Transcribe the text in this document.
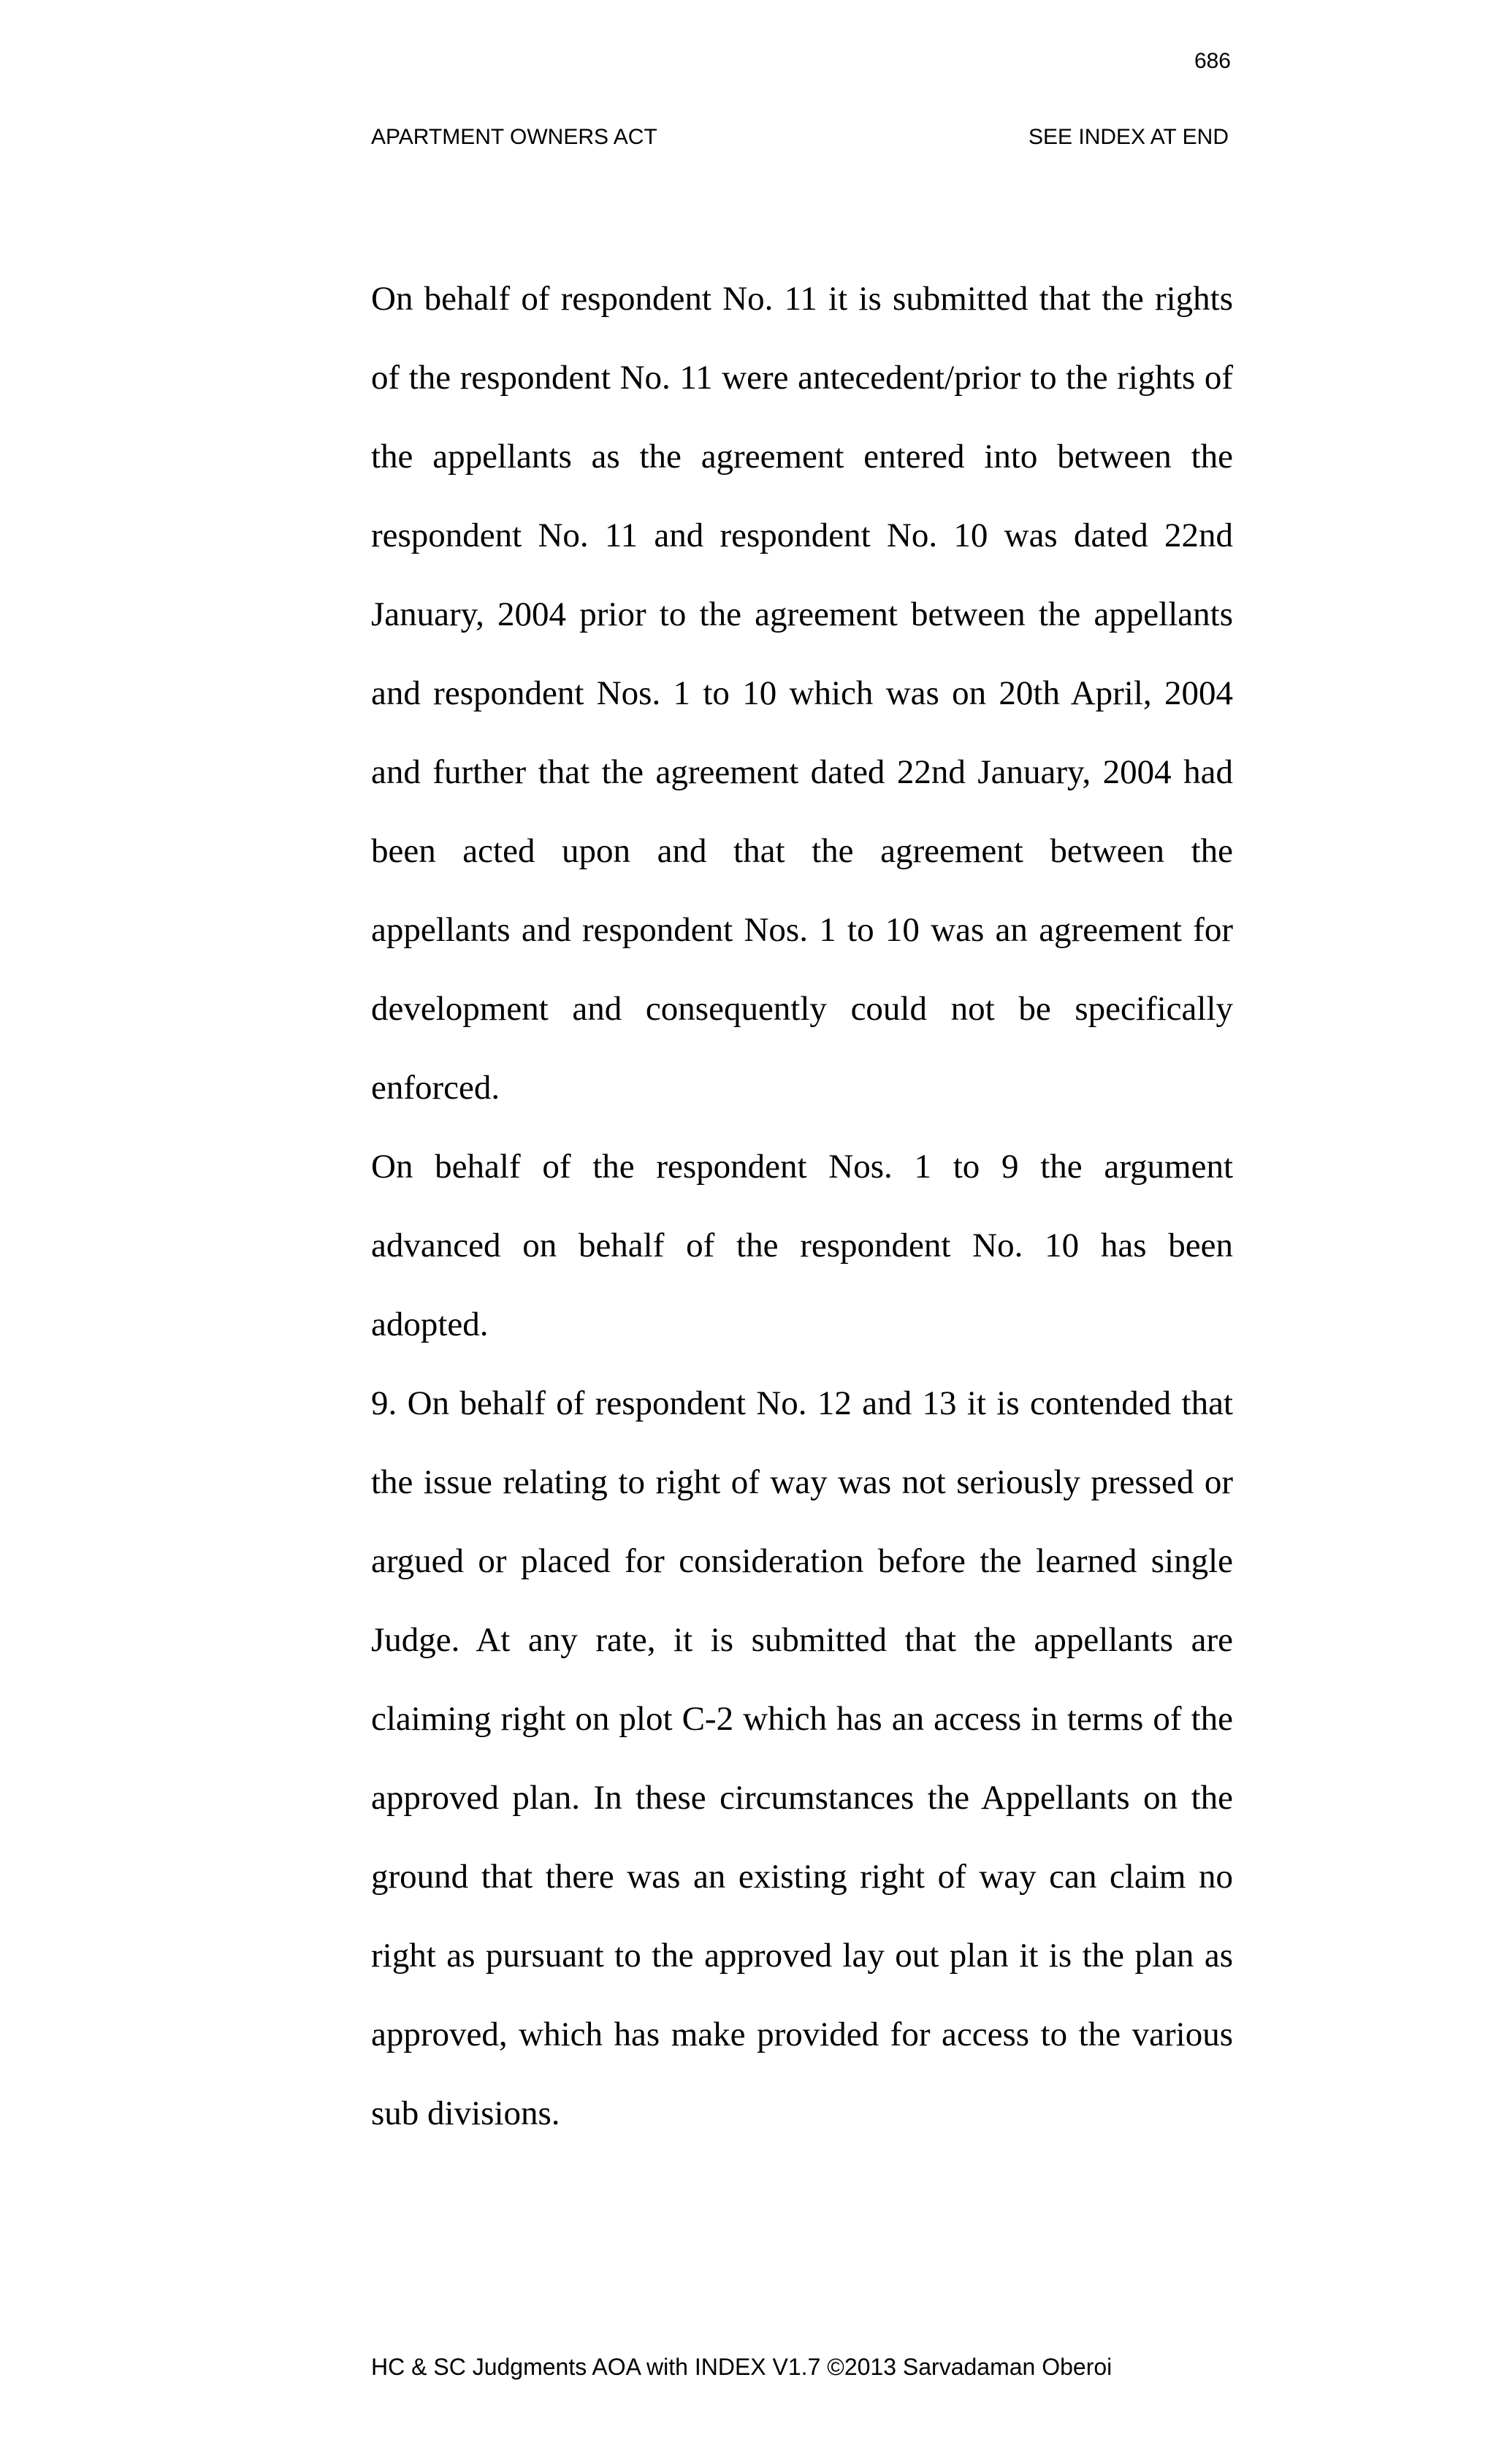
686
APARTMENT OWNERS ACT	SEE INDEX AT END

On behalf of respondent No. 11 it is submitted that the rights of the respondent No. 11 were antecedent/prior to the rights of the appellants as the agreement entered into between the respondent No. 11 and respondent No. 10 was dated 22nd January, 2004 prior to the agreement between the appellants and respondent Nos. 1 to 10 which was on 20th April, 2004 and further that the agreement dated 22nd January, 2004 had been acted upon and that the agreement between the appellants and respondent Nos. 1 to 10 was an agreement for development and consequently could not be specifically enforced.

On behalf of the respondent Nos. 1 to 9 the argument advanced on behalf of the respondent No. 10 has been adopted.

9. On behalf of respondent No. 12 and 13 it is contended that the issue relating to right of way was not seriously pressed or argued or placed for consideration before the learned single Judge. At any rate, it is submitted that the appellants are claiming right on plot C-2 which has an access in terms of the approved plan. In these circumstances the Appellants on the ground that there was an existing right of way can claim no right as pursuant to the approved lay out plan it is the plan as approved, which has make provided for access to the various sub divisions.

HC & SC Judgments AOA with INDEX V1.7 ©2013 Sarvadaman Oberoi
